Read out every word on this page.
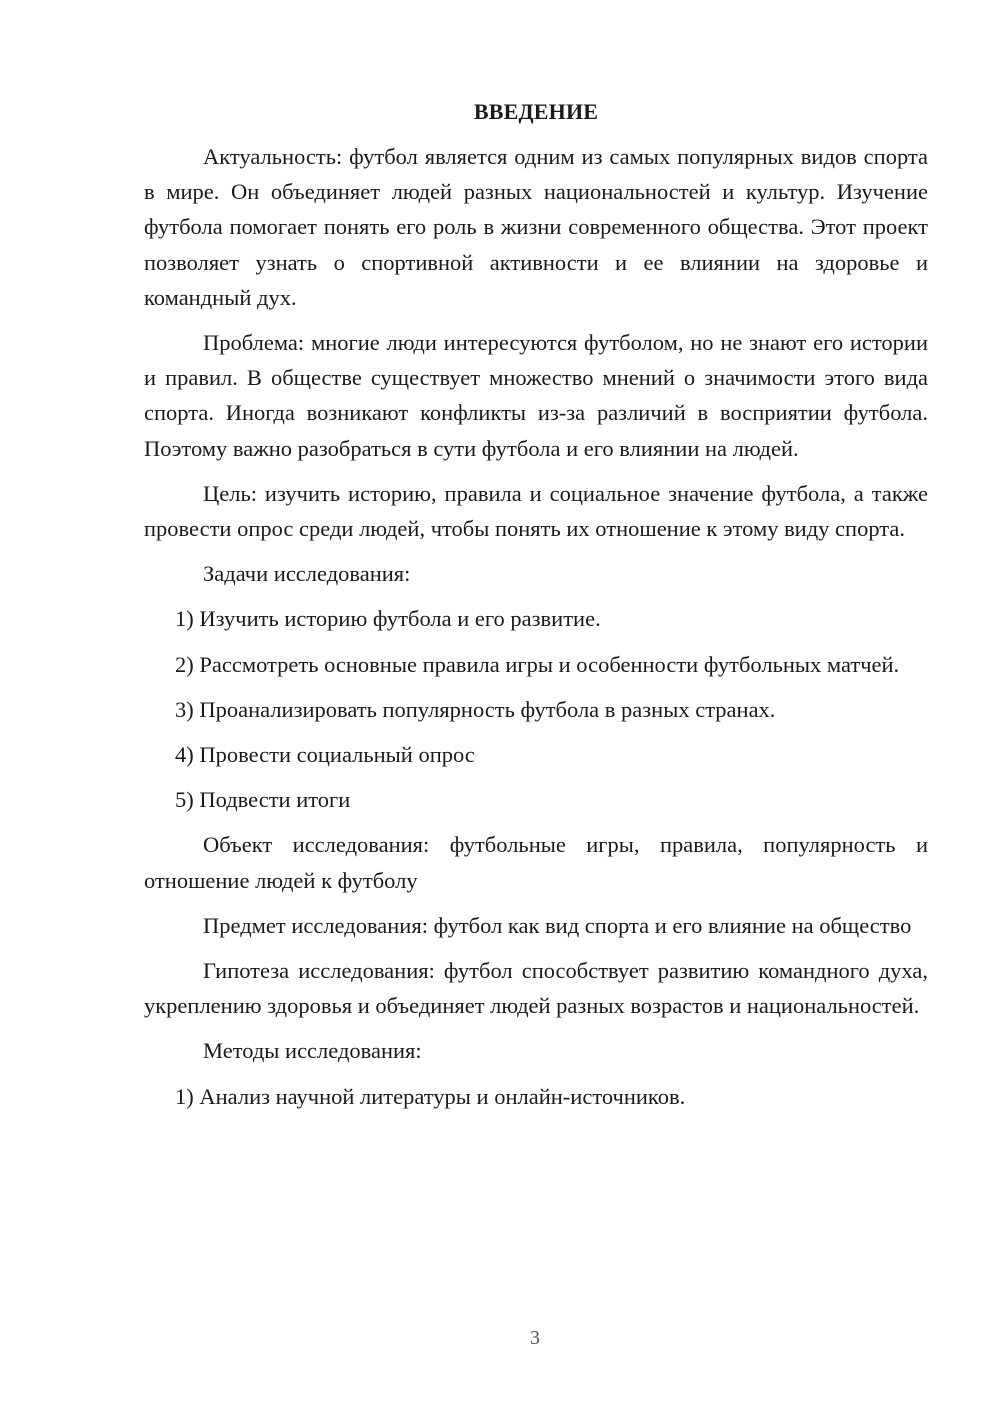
ВВЕДЕНИЕ

Актуальность: футбол является одним из самых популярных видов спорта в мире. Он объединяет людей разных национальностей и культур. Изучение футбола помогает понять его роль в жизни современного общества. Этот проект позволяет узнать о спортивной активности и ее влиянии на здоровье и командный дух.

Проблема: многие люди интересуются футболом, но не знают его истории и правил. В обществе существует множество мнений о значимости этого вида спорта. Иногда возникают конфликты из-за различий в восприятии футбола. Поэтому важно разобраться в сути футбола и его влиянии на людей.

Цель: изучить историю, правила и социальное значение футбола, а также провести опрос среди людей, чтобы понять их отношение к этому виду спорта.

Задачи исследования:

1) Изучить историю футбола и его развитие.

2) Рассмотреть основные правила игры и особенности футбольных матчей.

3) Проанализировать популярность футбола в разных странах.

4) Провести социальный опрос

5) Подвести итоги

Объект исследования: футбольные игры, правила, популярность и отношение людей к футболу

Предмет исследования: футбол как вид спорта и его влияние на общество

Гипотеза исследования: футбол способствует развитию командного духа, укреплению здоровья и объединяет людей разных возрастов и национальностей.

Методы исследования:

1) Анализ научной литературы и онлайн-источников.

3
